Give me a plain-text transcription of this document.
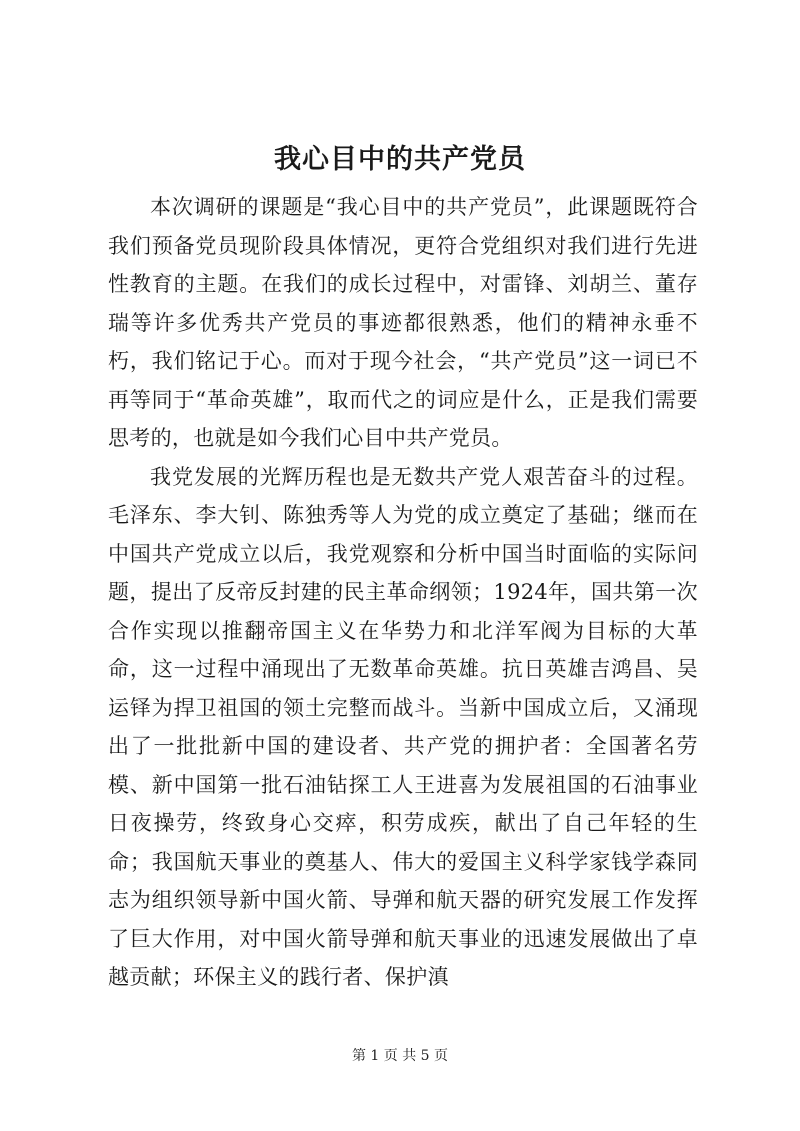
我心目中的共产党员

本次调研的课题是“我心目中的共产党员”，此课题既符合我们预备党员现阶段具体情况，更符合党组织对我们进行先进性教育的主题。在我们的成长过程中，对雷锋、刘胡兰、董存瑞等许多优秀共产党员的事迹都很熟悉，他们的精神永垂不朽，我们铭记于心。而对于现今社会，“共产党员”这一词已不再等同于“革命英雄”，取而代之的词应是什么，正是我们需要思考的，也就是如今我们心目中共产党员。

我党发展的光辉历程也是无数共产党人艰苦奋斗的过程。毛泽东、李大钊、陈独秀等人为党的成立奠定了基础；继而在中国共产党成立以后，我党观察和分析中国当时面临的实际问题，提出了反帝反封建的民主革命纲领；1924年，国共第一次合作实现以推翻帝国主义在华势力和北洋军阀为目标的大革命，这一过程中涌现出了无数革命英雄。抗日英雄吉鸿昌、吴运铎为捍卫祖国的领土完整而战斗。当新中国成立后，又涌现出了一批批新中国的建设者、共产党的拥护者：全国著名劳模、新中国第一批石油钻探工人王进喜为发展祖国的石油事业日夜操劳，终致身心交瘁，积劳成疾，献出了自己年轻的生命；我国航天事业的奠基人、伟大的爱国主义科学家钱学森同志为组织领导新中国火箭、导弹和航天器的研究发展工作发挥了巨大作用，对中国火箭导弹和航天事业的迅速发展做出了卓越贡献；环保主义的践行者、保护滇

第 1 页 共 5 页
